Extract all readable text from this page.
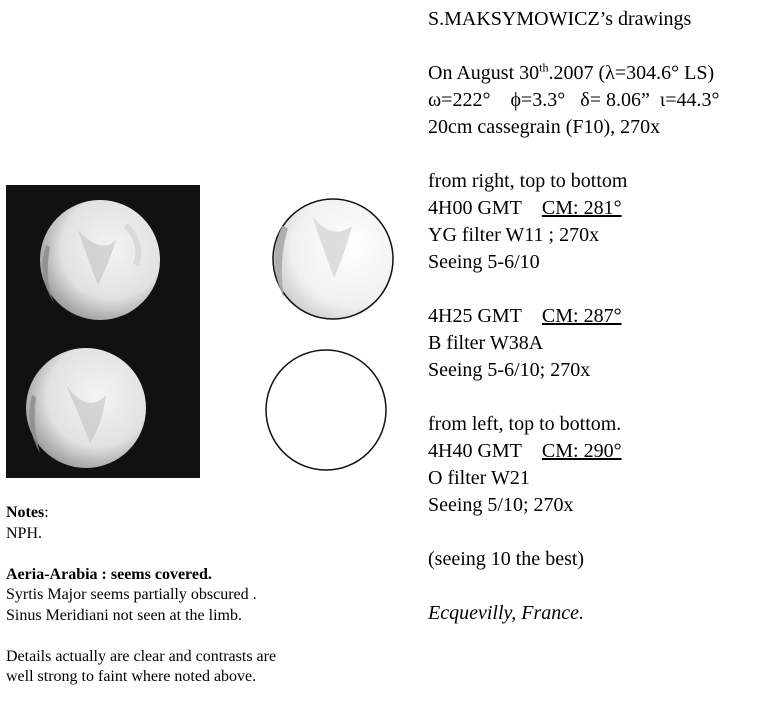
S.MAKSYMOWICZ’s drawings

On August 30th.2007 (λ=304.6° LS)

ω=222° ϕ=3.3° δ= 8.06” ι=44.3°

20cm cassegrain (F10), 270x

from right, top to bottom

4H00 GMT CM: 281°

YG filter W11 ; 270x

Seeing 5-6/10

4H25 GMT CM: 287°

B filter W38A

Seeing 5-6/10; 270x

from left, top to bottom.

4H40 GMT CM: 290°

O filter W21

Seeing 5/10; 270x

(seeing 10 the best)

Ecquevilly, France.

Notes:

NPH.

Aeria-Arabia : seems covered.

Syrtis Major seems partially obscured .

Sinus Meridiani not seen at the limb.

Details actually are clear and contrasts are

well strong to faint where noted above.
